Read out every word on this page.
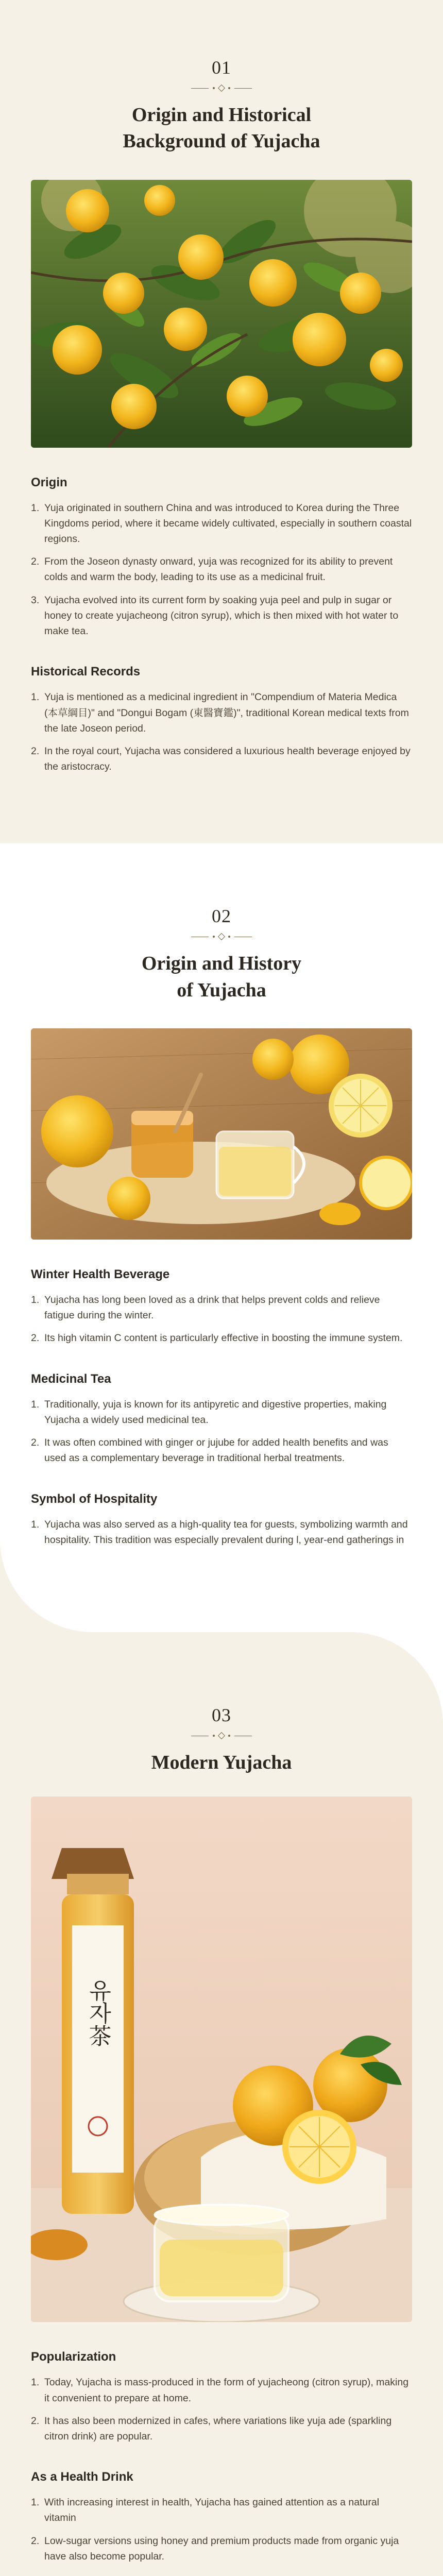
01
Origin and Historical
Background of Yujacha
Origin
1. Yuja originated in southern China and was introduced to Korea during the Three Kingdoms period, where it became widely cultivated, especially in southern coastal regions.
2. From the Joseon dynasty onward, yuja was recognized for its ability to prevent colds and warm the body, leading to its use as a medicinal fruit.
3. Yujacha evolved into its current form by soaking yuja peel and pulp in sugar or honey to create yujacheong (citron syrup), which is then mixed with hot water to make tea.
Historical Records
1. Yuja is mentioned as a medicinal ingredient in "Compendium of Materia Medica (本草綱目)" and "Dongui Bogam (東醫寶鑑)", traditional Korean medical texts from the late Joseon period.
2. In the royal court, Yujacha was considered a luxurious health beverage enjoyed by the aristocracy.
02
Origin and History
of Yujacha
Winter Health Beverage
1. Yujacha has long been loved as a drink that helps prevent colds and relieve fatigue during the winter.
2. Its high vitamin C content is particularly effective in boosting the immune system.
Medicinal Tea
1. Traditionally, yuja is known for its antipyretic and digestive properties, making Yujacha a widely used medicinal tea.
2. It was often combined with ginger or jujube for added health benefits and was used as a complementary beverage in traditional herbal treatments.
Symbol of Hospitality
1. Yujacha was also served as a high-quality tea for guests, symbolizing warmth and hospitality. This tradition was especially prevalent during l, year-end gatherings in
03
Modern Yujacha
유자茶
Popularization
1. Today, Yujacha is mass-produced in the form of yujacheong (citron syrup), making it convenient to prepare at home.
2. It has also been modernized in cafes, where variations like yuja ade (sparkling citron drink) are popular.
As a Health Drink
1. With increasing interest in health, Yujacha has gained attention as a natural vitamin
2. Low-sugar versions using honey and premium products made from organic yuja have also become popular.
